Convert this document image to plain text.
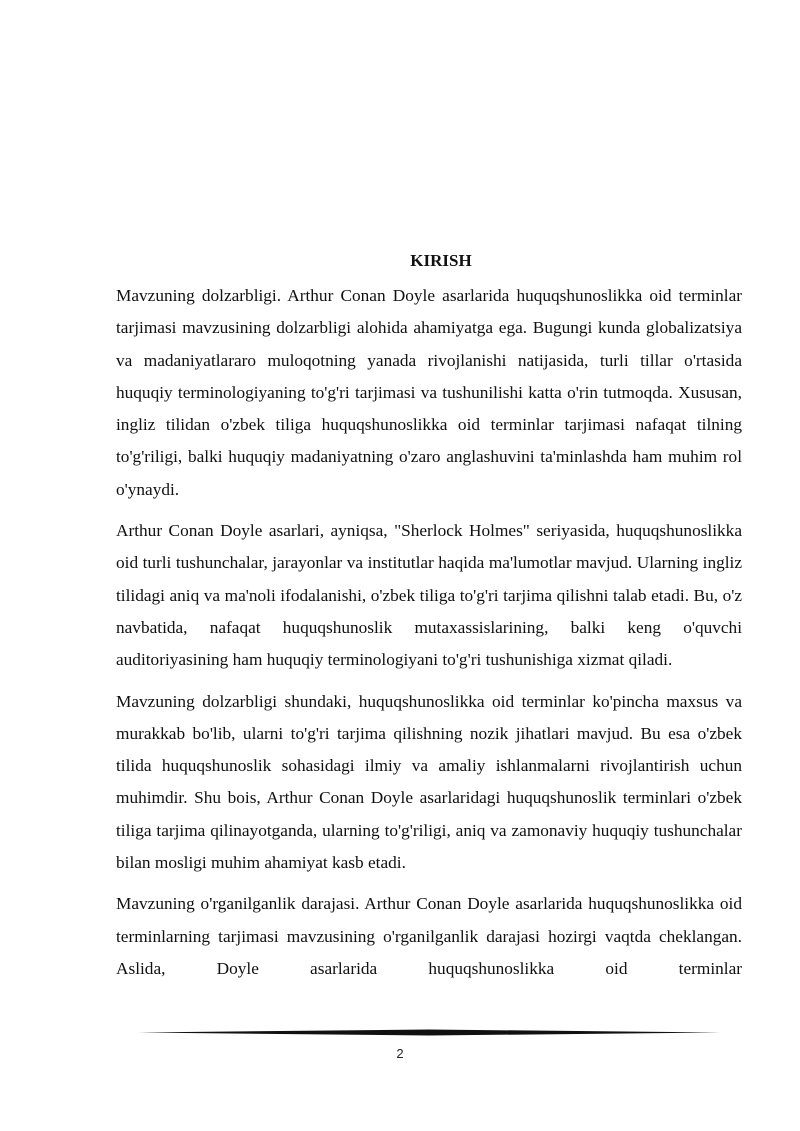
KIRISH

Mavzuning dolzarbligi. Arthur Conan Doyle asarlarida huquqshunoslikka oid terminlar tarjimasi mavzusining dolzarbligi alohida ahamiyatga ega. Bugungi kunda globalizatsiya va madaniyatlararo muloqotning yanada rivojlanishi natijasida, turli tillar o'rtasida huquqiy terminologiyaning to'g'ri tarjimasi va tushunilishi katta o'rin tutmoqda. Xususan, ingliz tilidan o'zbek tiliga huquqshunoslikka oid terminlar tarjimasi nafaqat tilning to'g'riligi, balki huquqiy madaniyatning o'zaro anglashuvini ta'minlashda ham muhim rol o'ynaydi.

Arthur Conan Doyle asarlari, ayniqsa, "Sherlock Holmes" seriyasida, huquqshunoslikka oid turli tushunchalar, jarayonlar va institutlar haqida ma'lumotlar mavjud. Ularning ingliz tilidagi aniq va ma'noli ifodalanishi, o'zbek tiliga to'g'ri tarjima qilishni talab etadi. Bu, o'z navbatida, nafaqat huquqshunoslik mutaxassislarining, balki keng o'quvchi auditoriyasining ham huquqiy terminologiyani to'g'ri tushunishiga xizmat qiladi.

Mavzuning dolzarbligi shundaki, huquqshunoslikka oid terminlar ko'pincha maxsus va murakkab bo'lib, ularni to'g'ri tarjima qilishning nozik jihatlari mavjud. Bu esa o'zbek tilida huquqshunoslik sohasidagi ilmiy va amaliy ishlanmalarni rivojlantirish uchun muhimdir. Shu bois, Arthur Conan Doyle asarlaridagi huquqshunoslik terminlari o'zbek tiliga tarjima qilinayotganda, ularning to'g'riligi, aniq va zamonaviy huquqiy tushunchalar bilan mosligi muhim ahamiyat kasb etadi.

Mavzuning o'rganilganlik darajasi. Arthur Conan Doyle asarlarida huquqshunoslikka oid terminlarning tarjimasi mavzusining o'rganilganlik darajasi hozirgi vaqtda cheklangan. Aslida, Doyle asarlarida huquqshunoslikka oid terminlar

2
